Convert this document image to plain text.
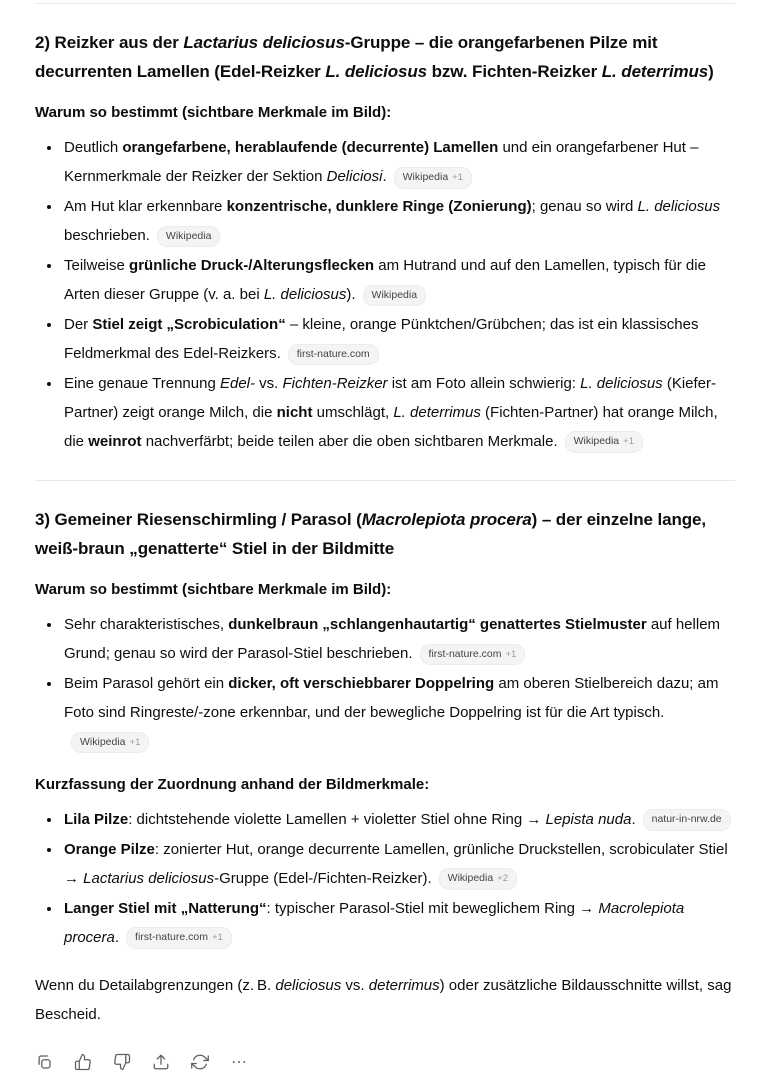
2) Reizker aus der Lactarius deliciosus-Gruppe – die orangefarbenen Pilze mit decurrenten Lamellen (Edel-Reizker L. deliciosus bzw. Fichten-Reizker L. deterrimus)

Warum so bestimmt (sichtbare Merkmale im Bild):

• Deutlich orangefarbene, herablaufende (decurrente) Lamellen und ein orangefarbener Hut – Kernmerkmale der Reizker der Sektion Deliciosi. Wikipedia +1
• Am Hut klar erkennbare konzentrische, dunklere Ringe (Zonierung); genau so wird L. deliciosus beschrieben. Wikipedia
• Teilweise grünliche Druck-/Alterungsflecken am Hutrand und auf den Lamellen, typisch für die Arten dieser Gruppe (v. a. bei L. deliciosus). Wikipedia
• Der Stiel zeigt „Scrobiculation“ – kleine, orange Pünktchen/Grübchen; das ist ein klassisches Feldmerkmal des Edel-Reizkers. first-nature.com
• Eine genaue Trennung Edel- vs. Fichten-Reizker ist am Foto allein schwierig: L. deliciosus (Kiefer-Partner) zeigt orange Milch, die nicht umschlägt, L. deterrimus (Fichten-Partner) hat orange Milch, die weinrot nachverfärbt; beide teilen aber die oben sichtbaren Merkmale. Wikipedia +1
3) Gemeiner Riesenschirmling / Parasol (Macrolepiota procera) – der einzelne lange, weiß-braun „genatterte“ Stiel in der Bildmitte

Warum so bestimmt (sichtbare Merkmale im Bild):

• Sehr charakteristisches, dunkelbraun „schlangenhautartig“ genattertes Stielmuster auf hellem Grund; genau so wird der Parasol-Stiel beschrieben. first-nature.com +1
• Beim Parasol gehört ein dicker, oft verschiebbarer Doppelring am oberen Stielbereich dazu; am Foto sind Ringreste/-zone erkennbar, und der bewegliche Doppelring ist für die Art typisch.Wikipedia +1

Kurzfassung der Zuordnung anhand der Bildmerkmale:

• Lila Pilze: dichtstehende violette Lamellen + violetter Stiel ohne Ring → Lepista nuda. natur-in-nrw.de
• Orange Pilze: zonierter Hut, orange decurrente Lamellen, grünliche Druckstellen, scrobiculater Stiel → Lactarius deliciosus-Gruppe (Edel-/Fichten-Reizker). Wikipedia +2
• Langer Stiel mit „Natterung“: typischer Parasol-Stiel mit beweglichem Ring → Macrolepiota procera. first-nature.com +1

Wenn du Detailabgrenzungen (z. B. deliciosus vs. deterrimus) oder zusätzliche Bildausschnitte willst, sag Bescheid.
